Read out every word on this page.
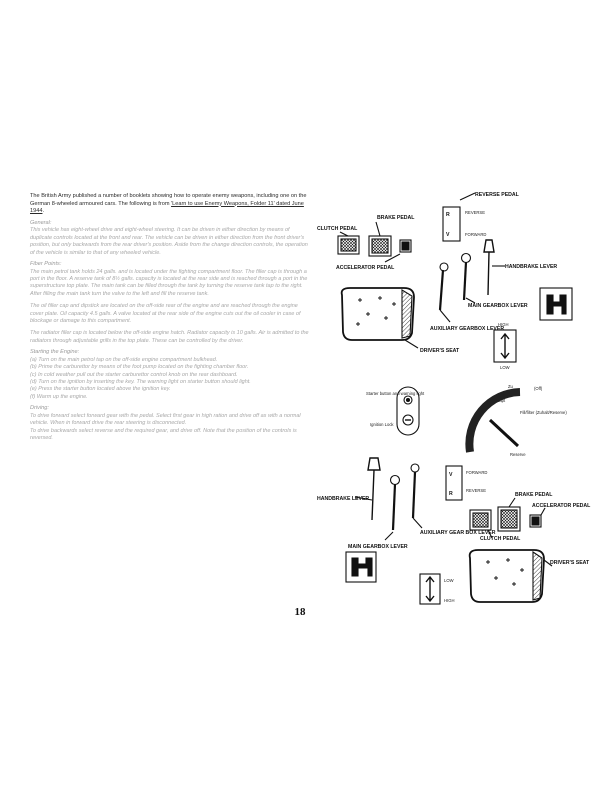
The British Army published a number of booklets showing how to operate enemy weapons, including one on the German 8-wheeled armoured cars. The following is from 'Learn to use Enemy Weapons, Folder 11' dated June 1944.

General:

This vehicle has eight-wheel drive and eight-wheel steering. It can be driven in either direction by means of duplicate controls located at the front and rear. The vehicle can be driven in either direction from the front driver's position, but only backwards from the rear driver's position. Aside from the change direction controls, the operation of the vehicle is similar to that of any wheeled vehicle.

Fiber Points:

The main petrol tank holds 24 galls. and is located under the fighting compartment floor. The filler cap is through a port in the floor. A reserve tank of 8½ galls. capacity is located at the rear side and is reached through a port in the superstructure top plate. The main tank can be filled through the tank by turning the reserve tank tap to the right. After filling the main tank turn the valve to the left and fill the reserve tank.

The oil filler cap and dipstick are located on the off-side rear of the engine and are reached through the engine cover plate. Oil capacity 4.5 galls. A valve located at the rear side of the engine cuts out the oil cooler in case of blockage or damage to this compartment.

The radiator filler cap is located below the off-side engine hatch. Radiator capacity is 10 galls. Air is admitted to the radiators through adjustable grills in the top plate. These can be controlled by the driver.

Starting the Engine:

(a) Turn on the main petrol tap on the off-side engine compartment bulkhead.

(b) Prime the carburettor by means of the foot pump located on the fighting chamber floor.

(c) In cold weather pull out the starter carburettor control knob on the rear dashboard.

(d) Turn on the ignition by inserting the key. The warning light on starter button should light.

(e) Press the starter button located above the ignition key.

(f) Warm up the engine.

Driving:

To drive forward select forward gear with the pedal. Select first gear in high ration and drive off as with a normal vehicle. When in forward drive the rear steering is disconnected.

To drive backwards select reverse and the required gear, and drive off. Note that the position of the controls is reversed.

18
R
V
REVERSE PEDAL
REVERSE
FORWARD
CLUTCH PEDAL
BRAKE PEDAL
ACCELERATOR PEDAL	HANDBRAKE LEVER
MAIN GEARBOX LEVER
AUXILIARY GEARBOX LEVER
HIGH
LOW
DRIVER'S SEAT
Starter button and warning light
Ignition Lock
Zu	(Off)
Haupt
Fill/filter (Zuhalt/Reserve)
Reserve
V
R
FORWARD
REVERSE
HANDBRAKE LEVER
MAIN GEARBOX LEVER
AUXILIARY GEAR BOX LEVER
BRAKE PEDAL
ACCELERATOR PEDAL
CLUTCH PEDAL
LOW
HIGH
DRIVER'S SEAT
